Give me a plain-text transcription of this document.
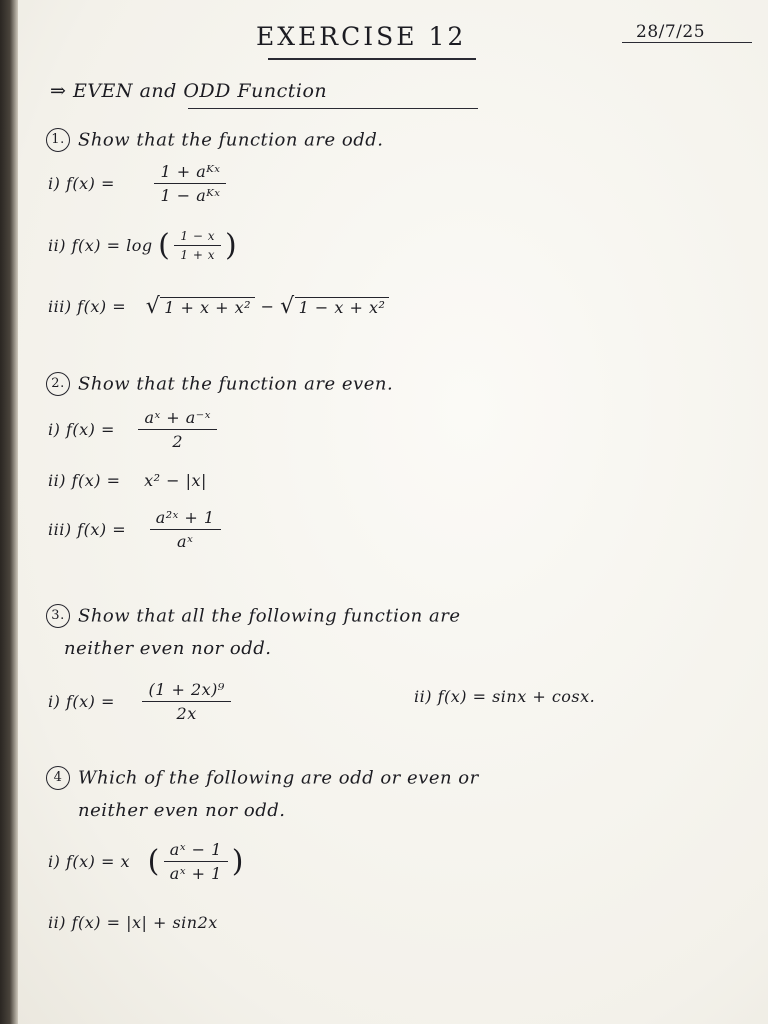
EXERCISE 12	28/7/25
⇒ EVEN and ODD Function
1. Show that the function are odd.
i) $f(x) = \frac{\text{1 + aᴷˣ}}{\text{1 − aᴷˣ}}$
ii) f(x) = log ( $\frac{1 - x}{1 + x}$ )
iii) f(x) = √ 1 + x + x² − √ 1 − x + x²
2. Show that the function are even.
i) $f(x) = \frac{\text{aˣ + a⁻ˣ}}{2}$
ii) f(x) = x² − |x|
iii) $f(x) = \frac{\text{a²ˣ + 1}}{\text{aˣ}}$
3. Show that all the following function are
neither even nor odd.
i) $f(x) = \frac{\text{(1 + 2x)⁹}}{2x}$	ii) f(x) = sinx + cosx.
4 Which of the following are odd or even or
neither even nor odd.
i) f(x) = x ( $\frac{\text{aˣ − 1}}{\text{aˣ + 1}}$ )
ii) f(x) = |x| + sin2x
